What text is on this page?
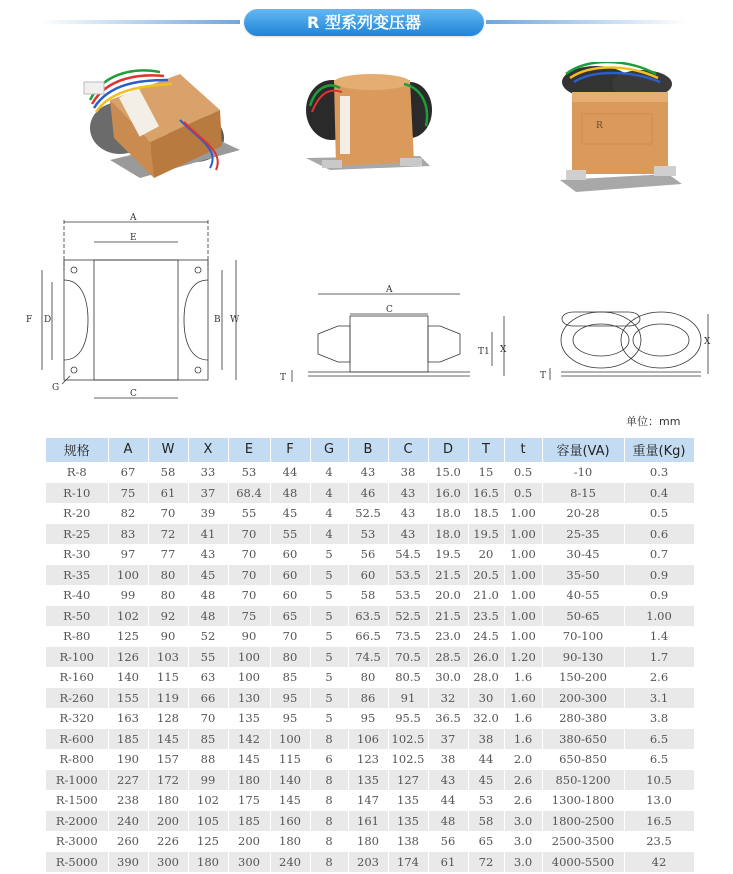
R 型系列变压器
R
A
E
F D	B W
G
C
A
C
T1 X
T
X
T
单位：mm
规格	A	W	X	E	F	G	B	C	D	T	t	容量(VA)	重量(Kg)
R-8	67	58	33	53	44	4	43	38	15.0	15	0.5	-10	0.3
R-10	75	61	37	68.4	48	4	46	43	16.0	16.5	0.5	8-15	0.4
R-20	82	70	39	55	45	4	52.5	43	18.0	18.5	1.00	20-28	0.5
R-25	83	72	41	70	55	4	53	43	18.0	19.5	1.00	25-35	0.6
R-30	97	77	43	70	60	5	56	54.5	19.5	20	1.00	30-45	0.7
R-35	100	80	45	70	60	5	60	53.5	21.5	20.5	1.00	35-50	0.9
R-40	99	80	48	70	60	5	58	53.5	20.0	21.0	1.00	40-55	0.9
R-50	102	92	48	75	65	5	63.5	52.5	21.5	23.5	1.00	50-65	1.00
R-80	125	90	52	90	70	5	66.5	73.5	23.0	24.5	1.00	70-100	1.4
R-100	126	103	55	100	80	5	74.5	70.5	28.5	26.0	1.20	90-130	1.7
R-160	140	115	63	100	85	5	80	80.5	30.0	28.0	1.6	150-200	2.6
R-260	155	119	66	130	95	5	86	91	32	30	1.60	200-300	3.1
R-320	163	128	70	135	95	5	95	95.5	36.5	32.0	1.6	280-380	3.8
R-600	185	145	85	142	100	8	106	102.5	37	38	1.6	380-650	6.5
R-800	190	157	88	145	115	6	123	102.5	38	44	2.0	650-850	6.5
R-1000	227	172	99	180	140	8	135	127	43	45	2.6	850-1200	10.5
R-1500	238	180	102	175	145	8	147	135	44	53	2.6	1300-1800	13.0
R-2000	240	200	105	185	160	8	161	135	48	58	3.0	1800-2500	16.5
R-3000	260	226	125	200	180	8	180	138	56	65	3.0	2500-3500	23.5
R-5000	390	300	180	300	240	8	203	174	61	72	3.0	4000-5500	42
